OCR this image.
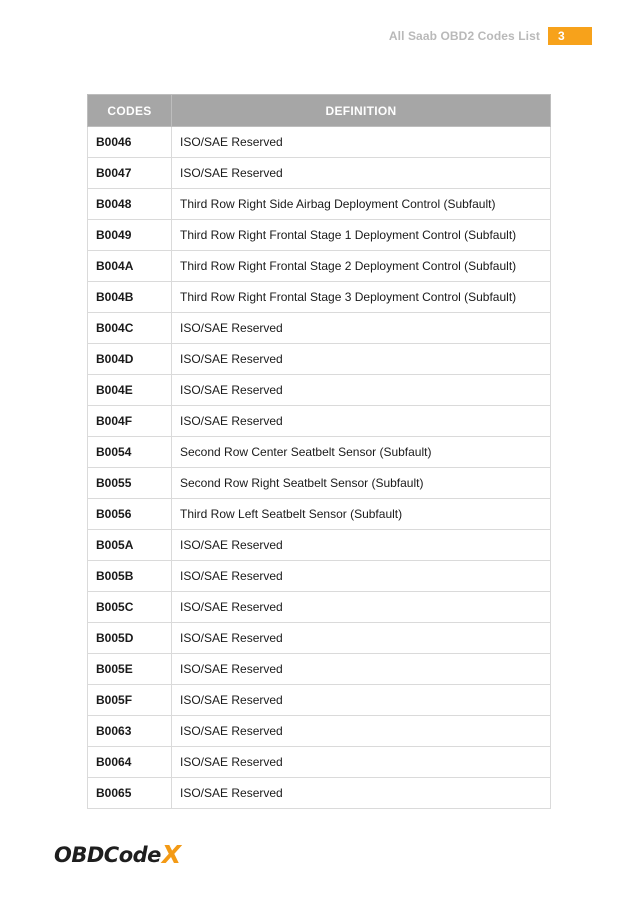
All Saab OBD2 Codes List	3
CODES	DEFINITION
B0046	ISO/SAE Reserved
B0047	ISO/SAE Reserved
B0048	Third Row Right Side Airbag Deployment Control (Subfault)
B0049	Third Row Right Frontal Stage 1 Deployment Control (Subfault)
B004A	Third Row Right Frontal Stage 2 Deployment Control (Subfault)
B004B	Third Row Right Frontal Stage 3 Deployment Control (Subfault)
B004C	ISO/SAE Reserved
B004D	ISO/SAE Reserved
B004E	ISO/SAE Reserved
B004F	ISO/SAE Reserved
B0054	Second Row Center Seatbelt Sensor (Subfault)
B0055	Second Row Right Seatbelt Sensor (Subfault)
B0056	Third Row Left Seatbelt Sensor (Subfault)
B005A	ISO/SAE Reserved
B005B	ISO/SAE Reserved
B005C	ISO/SAE Reserved
B005D	ISO/SAE Reserved
B005E	ISO/SAE Reserved
B005F	ISO/SAE Reserved
B0063	ISO/SAE Reserved
B0064	ISO/SAE Reserved
B0065	ISO/SAE Reserved
OBDCode X
